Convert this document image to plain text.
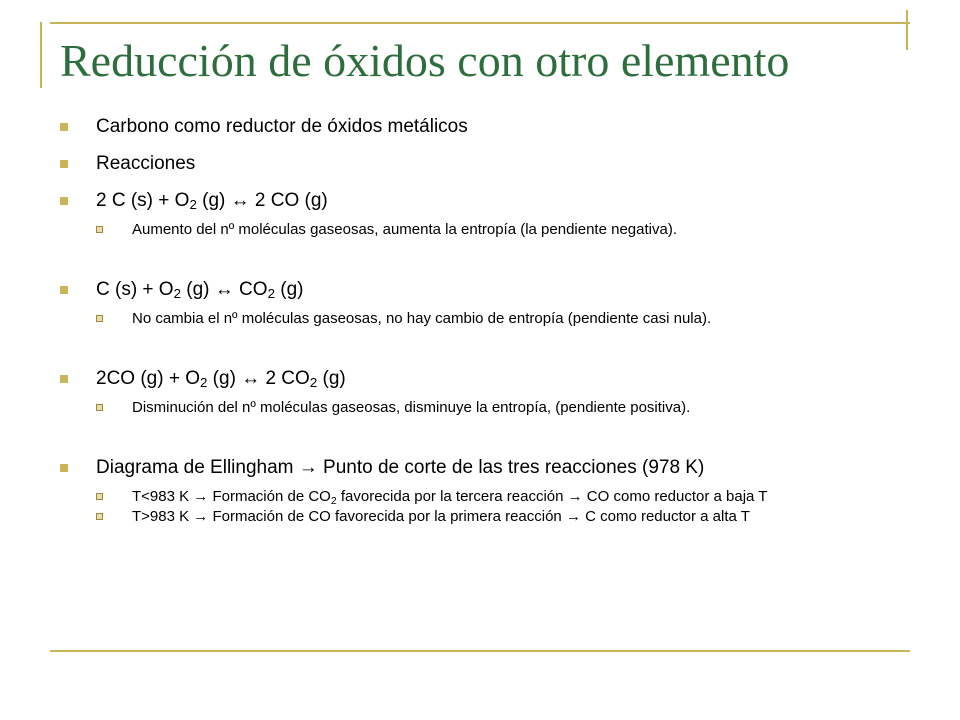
Reducción de óxidos con otro elemento
Carbono como reductor de óxidos metálicos
Reacciones
2 C $(s) + O_2$ (g) ↔ 2 CO (g)
Aumento del nº moléculas gaseosas, aumenta la entropía (la pendiente negativa).
C $(s) + O_2$ (g) ↔ $CO_2$ (g)
No cambia el nº moléculas gaseosas, no hay cambio de entropía (pendiente casi nula).
2CO $(g) + O_2$ (g) ↔ 2 $CO_2$ (g)
Disminución del nº moléculas gaseosas, disminuye la entropía, (pendiente positiva).
Diagrama de Ellingham → Punto de corte de las tres reacciones (978 K)
T<983 K → Formación de $CO_2$ favorecida por la tercera reacción → CO como reductor a baja T
T>983 K → Formación de CO favorecida por la primera reacción → C como reductor a alta T
